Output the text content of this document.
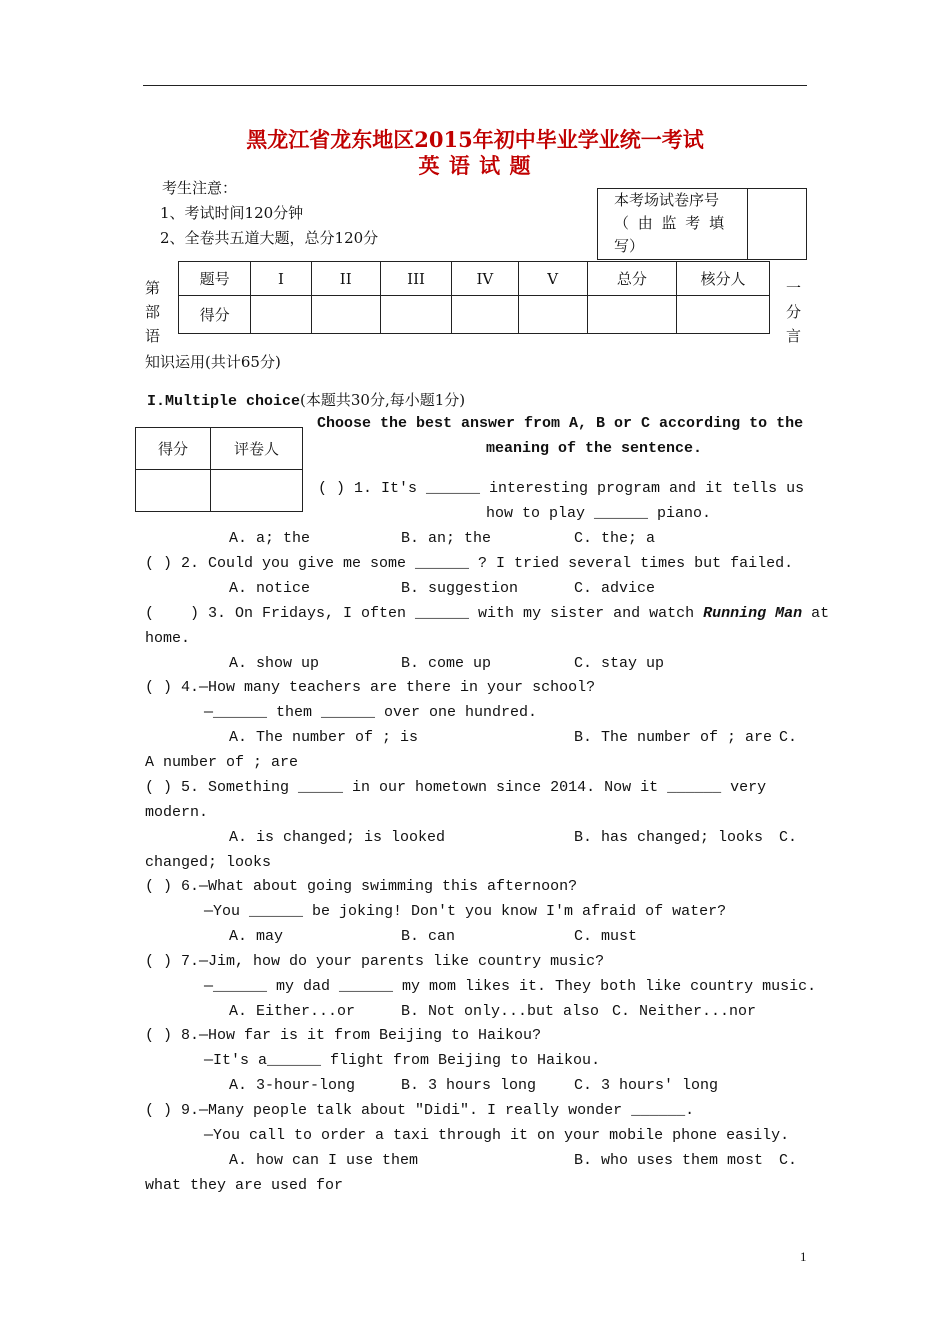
黑龙江省龙东地区2015年初中毕业学业统一考试
英 语 试 题
考生注意：
1、考试时间120分钟
2、全卷共五道大题，总分120分
本考场试卷序号
（ 由 监 考 填
写）

第
部
语
一
分
言
题号	I	II	III	IV	V	总分	核分人
得分							
知识运用(共计65分)
I.Multiple choice(本题共30分,每小题1分)
得分	评卷人

Choose the best answer from A, B or C according to the
meaning of the sentence.
( ) 1. It's ______ interesting program and it tells us
how to play ______ piano.
A. a; the	B. an; the	C. the; a
( ) 2. Could you give me some ______ ? I tried several times but failed.
A. notice	B. suggestion	C. advice
(    ) 3. On Fridays, I often ______ with my sister and watch Running Man at
home.
A. show up	B. come up	C. stay up
( ) 4.—How many teachers are there in your school?
—______ them ______ over one hundred.
A. The number of ; is	B. The number of ; are C.
A number of ; are
( ) 5. Something _____ in our hometown since 2014. Now it ______ very
modern.
A. is changed; is looked	B. has changed; looks C.
changed; looks
( ) 6.—What about going swimming this afternoon?
—You ______ be joking! Don't you know I'm afraid of water?
A. may	B. can	C. must
( ) 7.—Jim, how do your parents like country music?
—______ my dad ______ my mom likes it. They both like country music.
A. Either...or	B. Not only...but also C. Neither...nor
( ) 8.—How far is it from Beijing to Haikou?
—It's a______ flight from Beijing to Haikou.
A. 3-hour-long	B. 3 hours long	C. 3 hours' long
( ) 9.—Many people talk about "Didi". I really wonder ______.
—You call to order a taxi through it on your mobile phone easily.
A. how can I use them	B. who uses them most C.
what they are used for
1
